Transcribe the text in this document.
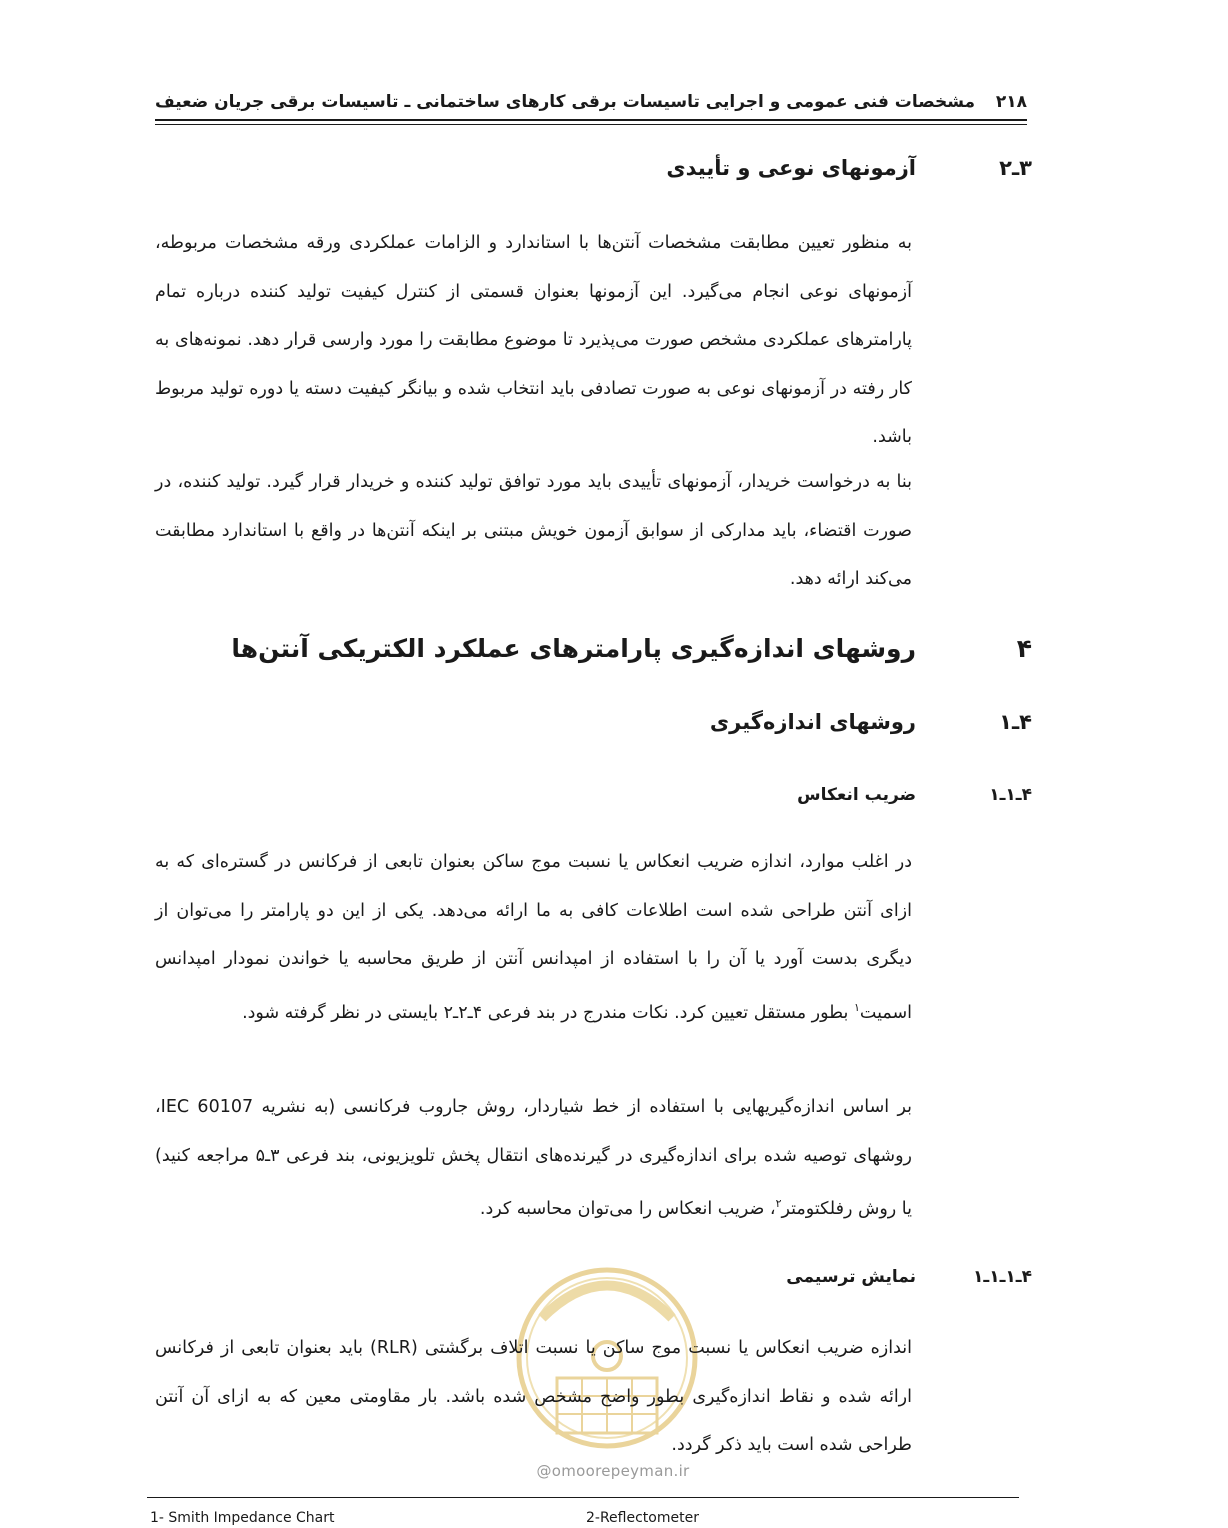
مشخصات فنی عمومی و اجرایی تاسیسات برقی کارهای ساختمانی ـ تاسیسات برقی جریان ضعیف ۲۱۸
۳ـ۲
آزمونهای نوعی و تأییدی

به منظور تعیین مطابقت مشخصات آنتن‌ها با استاندارد و الزامات عملکردی ورقه مشخصات مربوطه، آزمونهای نوعی انجام می‌گیرد. این آزمونها بعنوان قسمتی از کنترل کیفیت تولید کننده درباره تمام پارامترهای عملکردی مشخص صورت می‌پذیرد تا موضوع مطابقت را مورد وارسی قرار دهد. نمونه‌های به کار رفته در آزمونهای نوعی به صورت تصادفی باید انتخاب شده و بیانگر کیفیت دسته یا دوره تولید مربوط باشد.

بنا به درخواست خریدار، آزمونهای تأییدی باید مورد توافق تولید کننده و خریدار قرار گیرد. تولید کننده، در صورت اقتضاء، باید مدارکی از سوابق آزمون خویش مبتنی بر اینکه آنتن‌ها در واقع با استاندارد مطابقت می‌کند ارائه دهد.

۴
روشهای اندازه‌گیری پارامترهای عملکرد الکتریکی آنتن‌ها
۴ـ۱
روشهای اندازه‌گیری
۴ـ۱ـ۱
ضریب انعکاس

در اغلب موارد، اندازه ضریب انعکاس یا نسبت موج ساکن بعنوان تابعی از فرکانس در گستره‌ای که به ازای آنتن طراحی شده است اطلاعات کافی به ما ارائه می‌دهد. یکی از این دو پارامتر را می‌توان از دیگری بدست آورد یا آن را با استفاده از امپدانس آنتن از طریق محاسبه یا خواندن نمودار امپدانس اسمیت$^۱$ بطور مستقل تعیین کرد. نکات مندرج در بند فرعی ۴ـ۲ـ۲ بایستی در نظر گرفته شود.

بر اساس اندازه‌گیریهایی با استفاده از خط شیاردار، روش جاروب فرکانسی (به نشریه IEC 60107، روشهای توصیه شده برای اندازه‌گیری در گیرنده‌های انتقال پخش تلویزیونی، بند فرعی ۳ـ۵ مراجعه کنید) یا روش رفلکتومتر$^۲$، ضریب انعکاس را می‌توان محاسبه کرد.

۴ـ۱ـ۱ـ۱
نمایش ترسیمی
@omoorepeyman.ir

اندازه ضریب انعکاس یا نسبت موج ساکن یا نسبت اتلاف برگشتی (RLR) باید بعنوان تابعی از فرکانس ارائه شده و نقاط اندازه‌گیری بطور واضح مشخص شده باشد. بار مقاومتی معین که به ازای آن آنتن طراحی شده است باید ذکر گردد.

1- Smith Impedance Chart	2-Reflectometer
